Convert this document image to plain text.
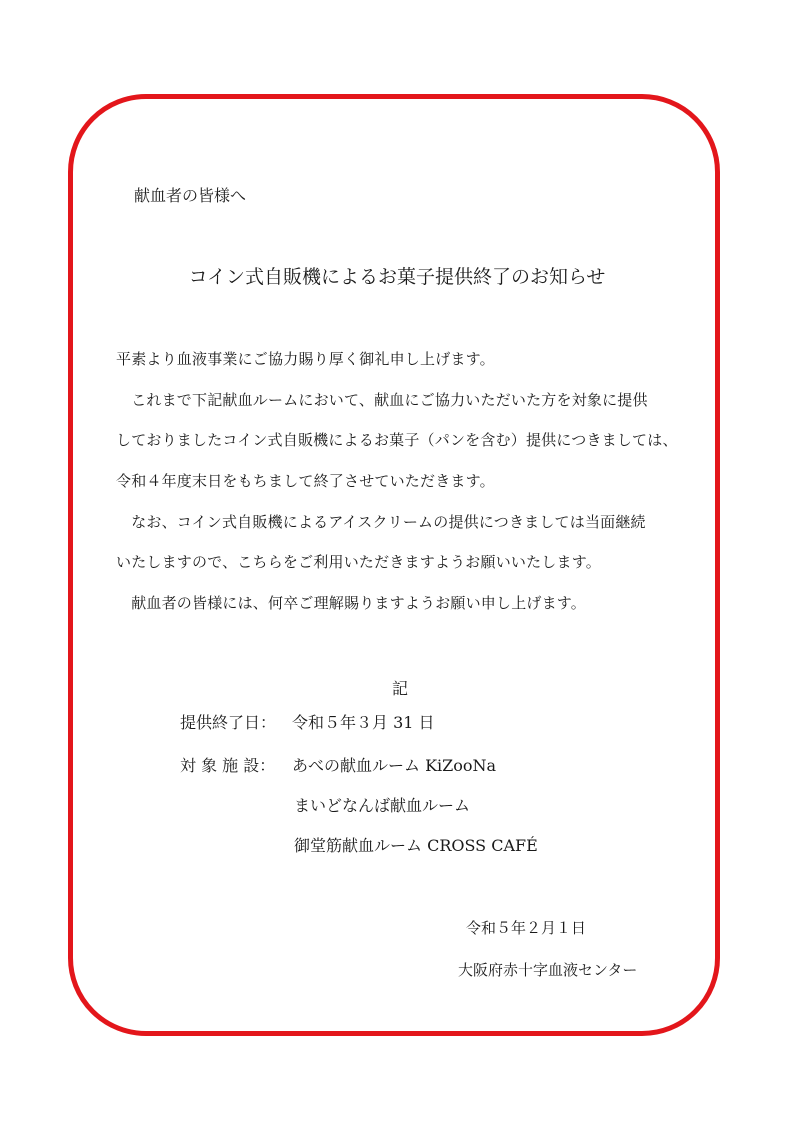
献血者の皆様へ
コイン式自販機によるお菓子提供終了のお知らせ
平素より血液事業にご協力賜り厚く御礼申し上げます。
　これまで下記献血ルームにおいて、献血にご協力いただいた方を対象に提供
しておりましたコイン式自販機によるお菓子（パンを含む）提供につきましては、
令和４年度末日をもちまして終了させていただきます。
　なお、コイン式自販機によるアイスクリームの提供につきましては当面継続
いたしますので、こちらをご利用いただきますようお願いいたします。
　献血者の皆様には、何卒ご理解賜りますようお願い申し上げます。
記
提供終了日： 令和５年３月 31 日
対 象 施 設： あべの献血ルーム KiZooNa
まいどなんば献血ルーム
御堂筋献血ルーム CROSS CAFÉ
令和５年２月１日
大阪府赤十字血液センター
